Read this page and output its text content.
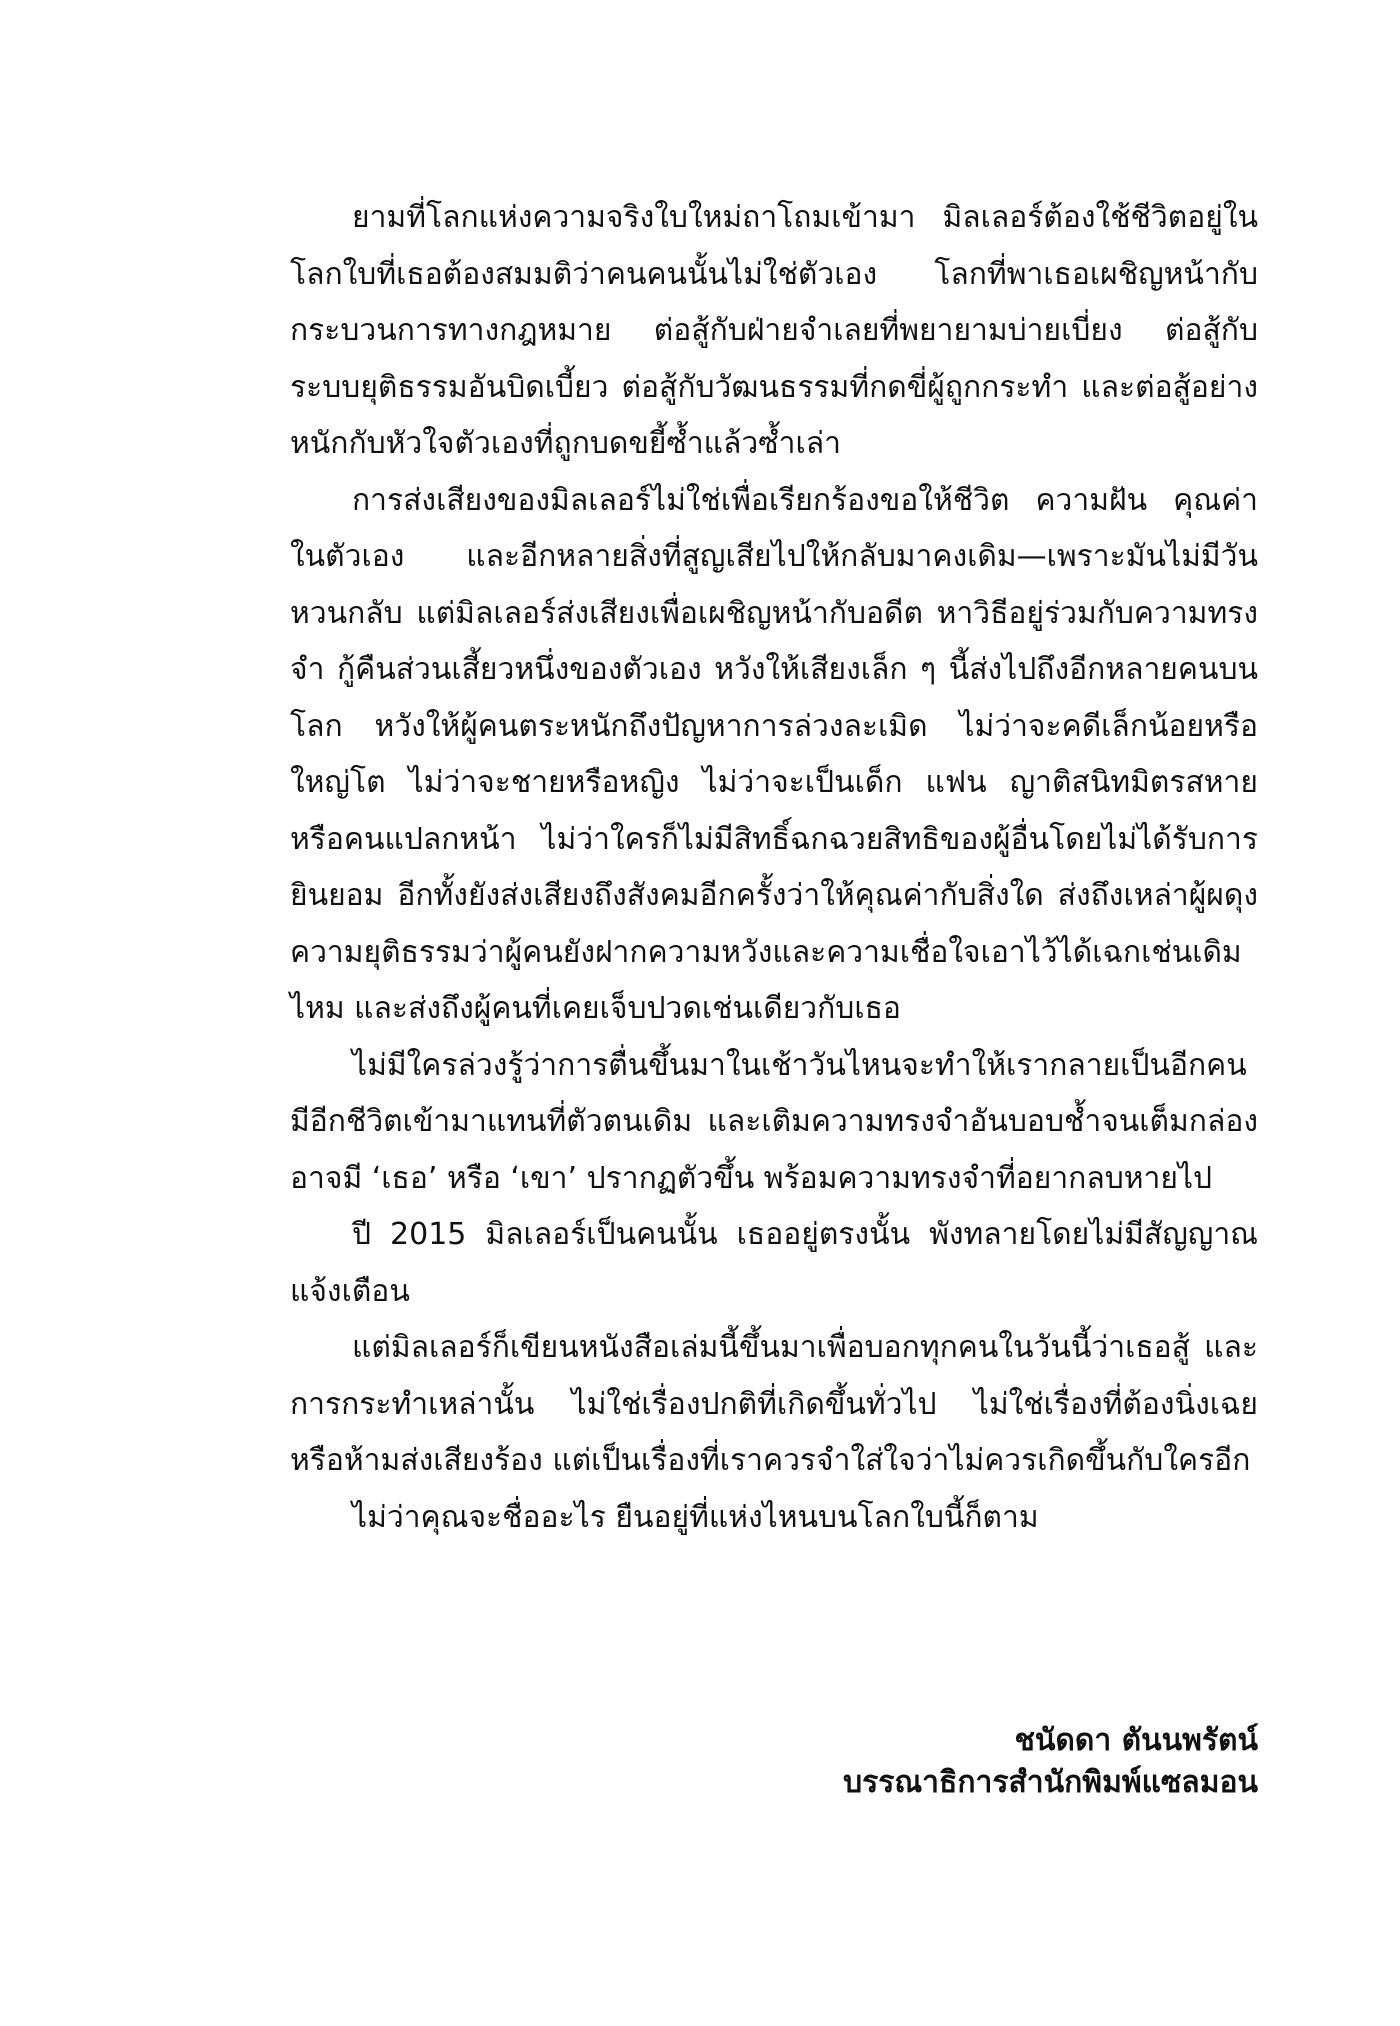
ยามที่โลกแห่งความจริงใบใหม่ถาโถมเข้ามา มิลเลอร์ต้องใช้ชีวิตอยู่ในโลกใบที่เธอต้องสมมติว่าคนคนนั้นไม่ใช่ตัวเอง โลกที่พาเธอเผชิญหน้ากับกระบวนการทางกฎหมาย ต่อสู้กับฝ่ายจำเลยที่พยายามบ่ายเบี่ยง ต่อสู้กับระบบยุติธรรมอันบิดเบี้ยว ต่อสู้กับวัฒนธรรมที่กดขี่ผู้ถูกกระทำ และต่อสู้อย่างหนักกับหัวใจตัวเองที่ถูกบดขยี้ซ้ำแล้วซ้ำเล่า

การส่งเสียงของมิลเลอร์ไม่ใช่เพื่อเรียกร้องขอให้ชีวิต ความฝัน คุณค่าในตัวเอง และอีกหลายสิ่งที่สูญเสียไปให้กลับมาคงเดิม—เพราะมันไม่มีวันหวนกลับ แต่มิลเลอร์ส่งเสียงเพื่อเผชิญหน้ากับอดีต หาวิธีอยู่ร่วมกับความทรงจำ กู้คืนส่วนเสี้ยวหนึ่งของตัวเอง หวังให้เสียงเล็ก ๆ นี้ส่งไปถึงอีกหลายคนบนโลก หวังให้ผู้คนตระหนักถึงปัญหาการล่วงละเมิด ไม่ว่าจะคดีเล็กน้อยหรือใหญ่โต ไม่ว่าจะชายหรือหญิง ไม่ว่าจะเป็นเด็ก แฟน ญาติสนิทมิตรสหาย หรือคนแปลกหน้า ไม่ว่าใครก็ไม่มีสิทธิ์ฉกฉวยสิทธิของผู้อื่นโดยไม่ได้รับการยินยอม อีกทั้งยังส่งเสียงถึงสังคมอีกครั้งว่าให้คุณค่ากับสิ่งใด ส่งถึงเหล่าผู้ผดุงความยุติธรรมว่าผู้คนยังฝากความหวังและความเชื่อใจเอาไว้ได้เฉกเช่นเดิมไหม และส่งถึงผู้คนที่เคยเจ็บปวดเช่นเดียวกับเธอ

ไม่มีใครล่วงรู้ว่าการตื่นขึ้นมาในเช้าวันไหนจะทำให้เรากลายเป็นอีกคน มีอีกชีวิตเข้ามาแทนที่ตัวตนเดิม และเติมความทรงจำอันบอบช้ำจนเต็มกล่อง อาจมี ‘เธอ’ หรือ ‘เขา’ ปรากฏตัวขึ้น พร้อมความทรงจำที่อยากลบหายไป

ปี 2015 มิลเลอร์เป็นคนนั้น เธออยู่ตรงนั้น พังทลายโดยไม่มีสัญญาณแจ้งเตือน

แต่มิลเลอร์ก็เขียนหนังสือเล่มนี้ขึ้นมาเพื่อบอกทุกคนในวันนี้ว่าเธอสู้ และการกระทำเหล่านั้น ไม่ใช่เรื่องปกติที่เกิดขึ้นทั่วไป ไม่ใช่เรื่องที่ต้องนิ่งเฉย หรือห้ามส่งเสียงร้อง แต่เป็นเรื่องที่เราควรจำใส่ใจว่าไม่ควรเกิดขึ้นกับใครอีก

ไม่ว่าคุณจะชื่ออะไร ยืนอยู่ที่แห่งไหนบนโลกใบนี้ก็ตาม

ชนัดดา ตันนพรัตน์
บรรณาธิการสำนักพิมพ์แซลมอน
